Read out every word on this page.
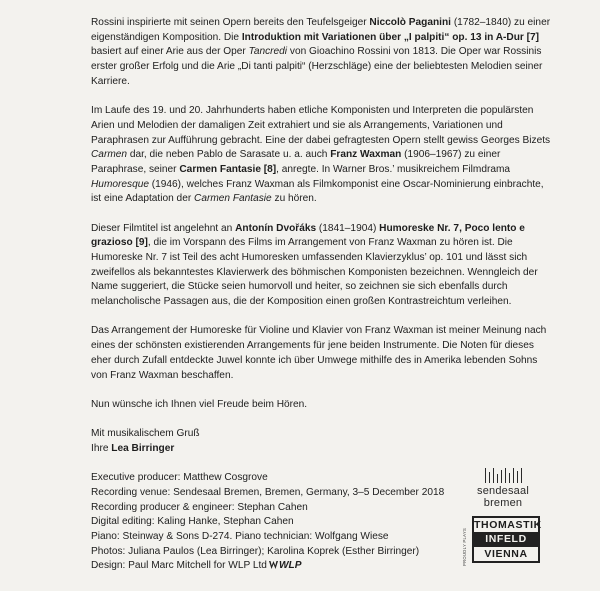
Rossini inspirierte mit seinen Opern bereits den Teufelsgeiger Niccolò Paganini (1782–1840) zu einer eigenständigen Komposition. Die Introduktion mit Variationen über „I palpiti“ op. 13 in A-Dur [7] basiert auf einer Arie aus der Oper Tancredi von Gioachino Rossini von 1813. Die Oper war Rossinis erster großer Erfolg und die Arie „Di tanti palpiti“ (Herzschläge) eine der beliebtesten Melodien seiner Karriere.

Im Laufe des 19. und 20. Jahrhunderts haben etliche Komponisten und Interpreten die populärsten Arien und Melodien der damaligen Zeit extrahiert und sie als Arrangements, Variationen und Paraphrasen zur Aufführung gebracht. Eine der dabei gefragtesten Opern stellt gewiss Georges Bizets Carmen dar, die neben Pablo de Sarasate u. a. auch Franz Waxman (1906–1967) zu einer Paraphrase, seiner Carmen Fantasie [8], anregte. In Warner Bros.’ musikreichem Filmdrama Humoresque (1946), welches Franz Waxman als Filmkomponist eine Oscar-Nominierung einbrachte, ist eine Adaptation der Carmen Fantasie zu hören.

Dieser Filmtitel ist angelehnt an Antonín Dvořáks (1841–1904) Humoreske Nr. 7, Poco lento e grazioso [9], die im Vorspann des Films im Arrangement von Franz Waxman zu hören ist. Die Humoreske Nr. 7 ist Teil des acht Humoresken umfassenden Klavierzyklus’ op. 101 und lässt sich zweifellos als bekanntestes Klavierwerk des böhmischen Komponisten bezeichnen. Wenngleich der Name suggeriert, die Stücke seien humorvoll und heiter, so zeichnen sie sich ebenfalls durch melancholische Passagen aus, die der Komposition einen großen Kontrastreichtum verleihen.

Das Arrangement der Humoreske für Violine und Klavier von Franz Waxman ist meiner Meinung nach eines der schönsten existierenden Arrangements für jene beiden Instrumente. Die Noten für dieses eher durch Zufall entdeckte Juwel konnte ich über Umwege mithilfe des in Amerika lebenden Sohns von Franz Waxman beschaffen.

Nun wünsche ich Ihnen viel Freude beim Hören.
Mit musikalischem Gruß
Ihre Lea Birringer
Executive producer: Matthew Cosgrove
Recording venue: Sendesaal Bremen, Bremen, Germany, 3–5 December 2018
Recording producer & engineer: Stephan Cahen
Digital editing: Kaling Hanke, Stephan Cahen
Piano: Steinway & Sons D-274. Piano technician: Wolfgang Wiese
Photos: Juliana Paulos (Lea Birringer); Karolina Koprek (Esther Birringer)
Design: Paul Marc Mitchell for WLP Ltd WLP
sendesaal bremen
PROUDLY PLAYS
THOMASTIK
INFELD
VIENNA
